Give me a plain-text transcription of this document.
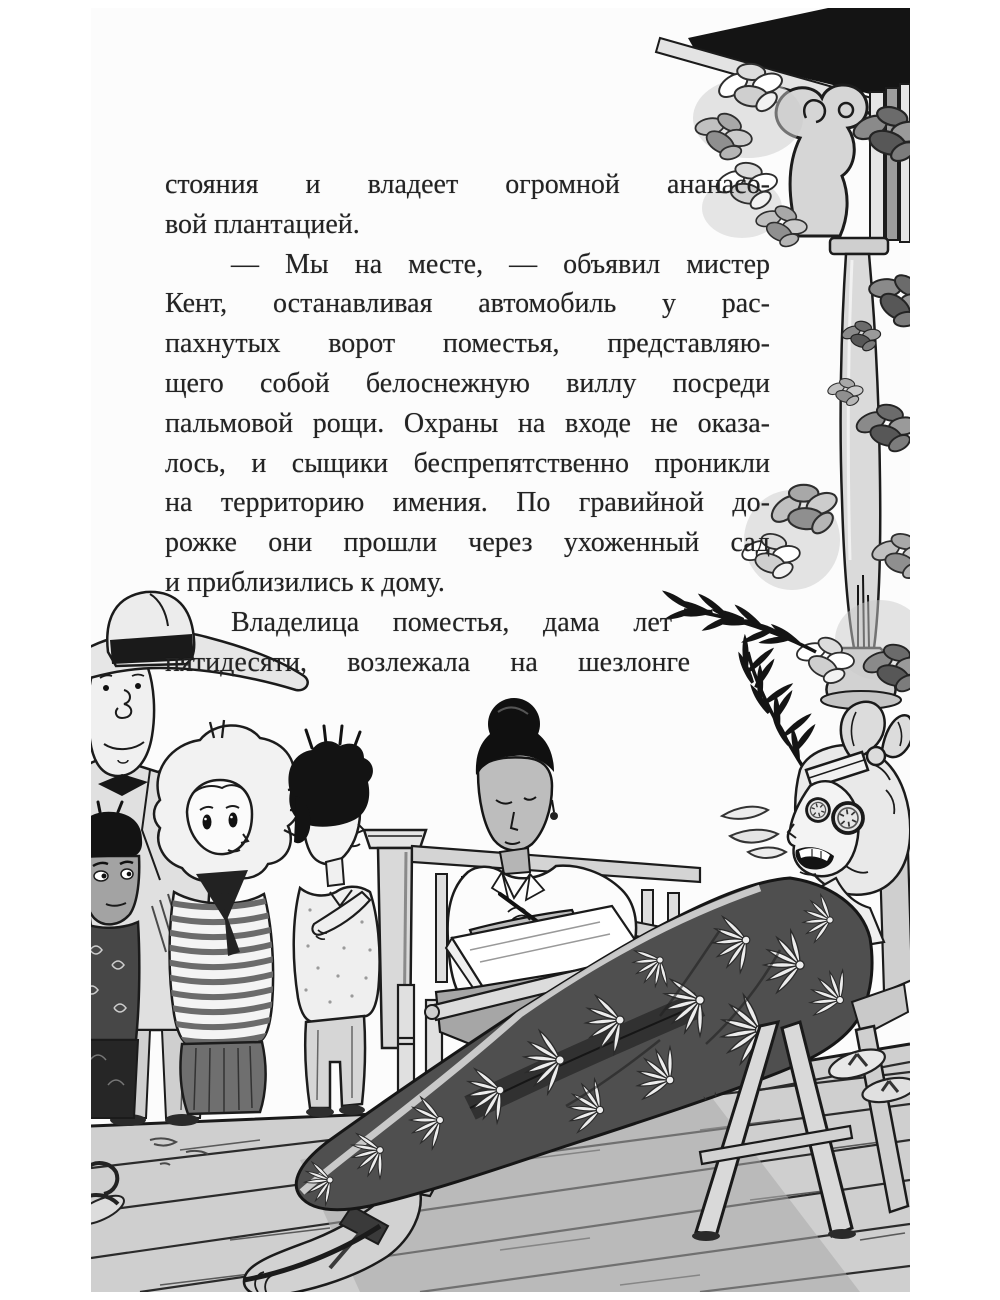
стояния и владеет огромной ананасо-
вой плантацией.
— Мы на месте, — объявил мистер
Кент, останавливая автомобиль у рас-
пахнутых ворот поместья, представляю-
щего собой белоснежную виллу посреди
пальмовой рощи. Охраны на входе не оказа-
лось, и сыщики беспрепятственно проникли
на территорию имения. По гравийной до-
рожке они прошли через ухоженный сад
и приблизились к дому.
Владелица поместья, дама лет
пятидесяти, возлежала на шезлонге
